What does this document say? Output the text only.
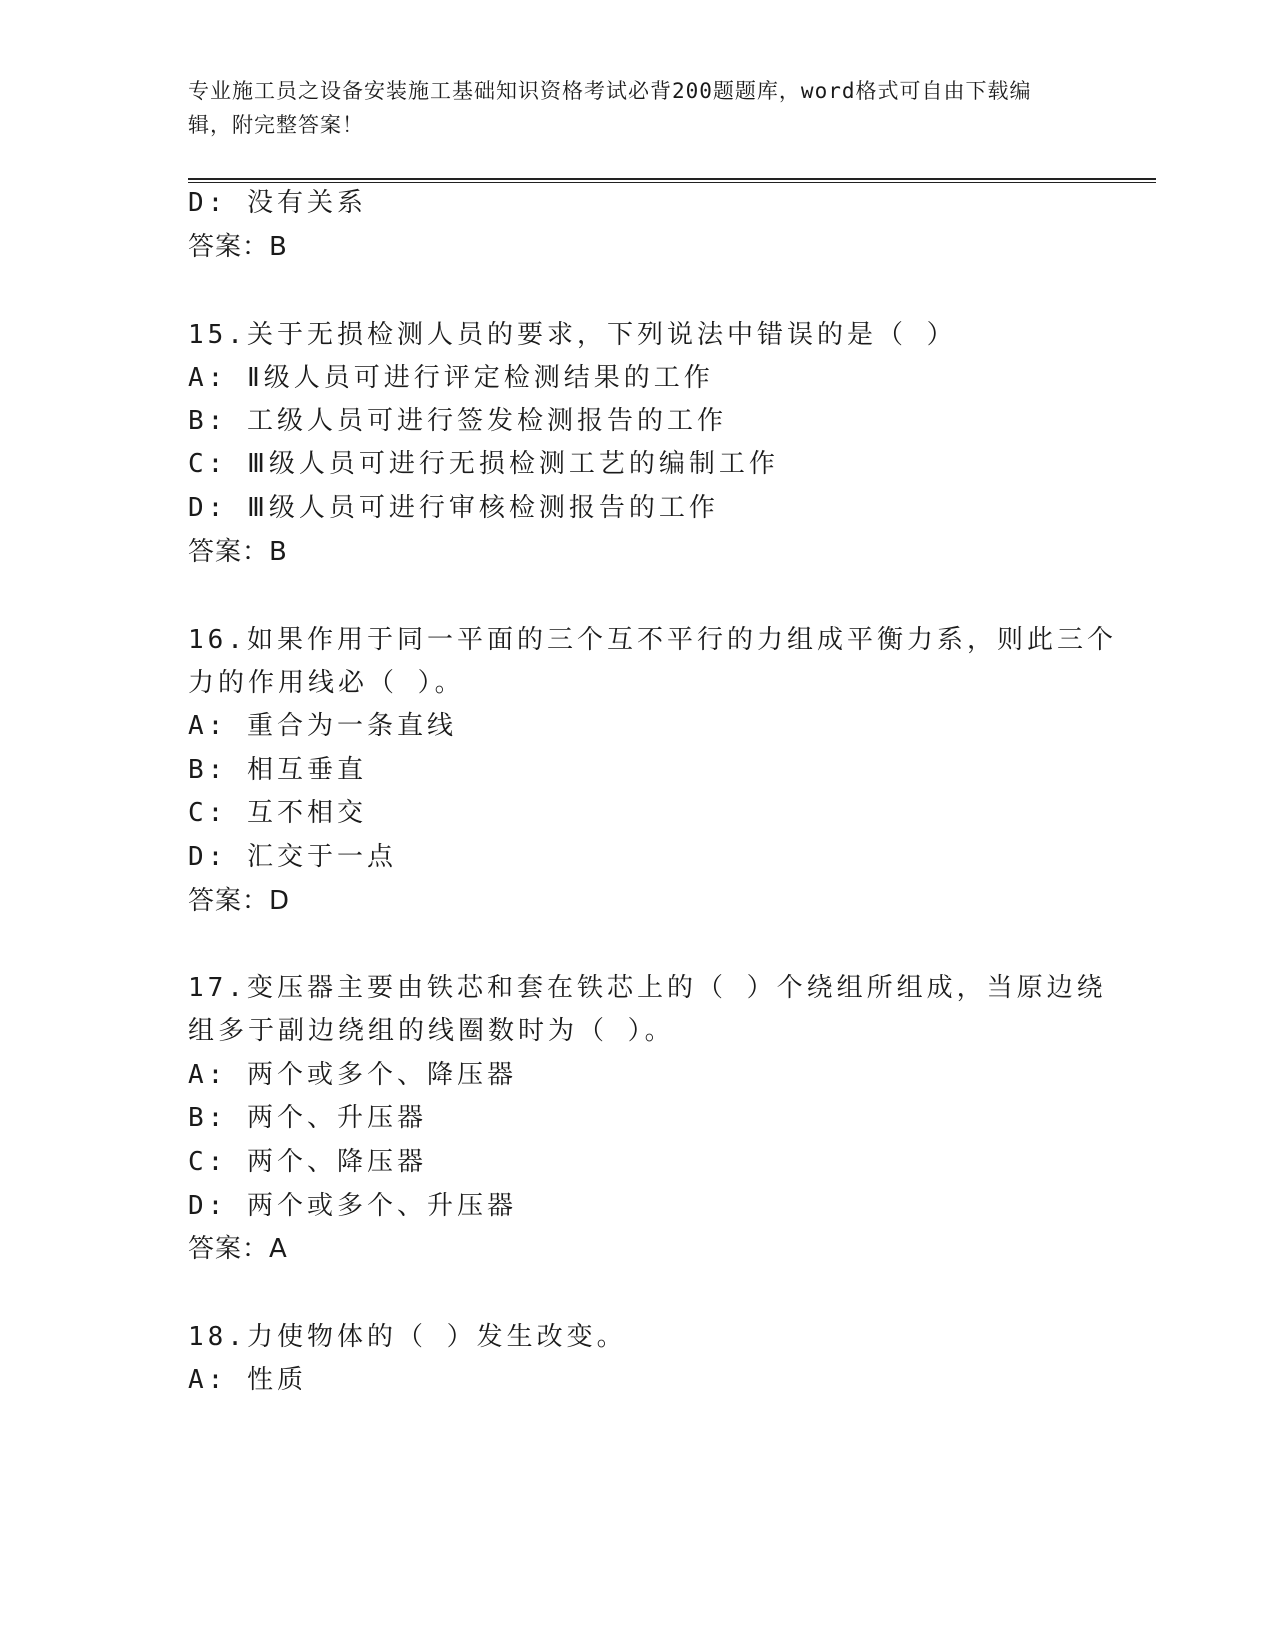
专业施工员之设备安装施工基础知识资格考试必背200题题库，word格式可自由下载编辑，附完整答案！
D: 没有关系
答案：B
15.关于无损检测人员的要求，下列说法中错误的是（ ）
A: Ⅱ级人员可进行评定检测结果的工作
B: 工级人员可进行签发检测报告的工作
C: Ⅲ级人员可进行无损检测工艺的编制工作
D: Ⅲ级人员可进行审核检测报告的工作
答案：B
16.如果作用于同一平面的三个互不平行的力组成平衡力系，则此三个
力的作用线必（ ）。
A: 重合为一条直线
B: 相互垂直
C: 互不相交
D: 汇交于一点
答案：D
17.变压器主要由铁芯和套在铁芯上的（ ）个绕组所组成，当原边绕
组多于副边绕组的线圈数时为（ ）。
A: 两个或多个、降压器
B: 两个、升压器
C: 两个、降压器
D: 两个或多个、升压器
答案：A
18.力使物体的（ ）发生改变。
A: 性质
